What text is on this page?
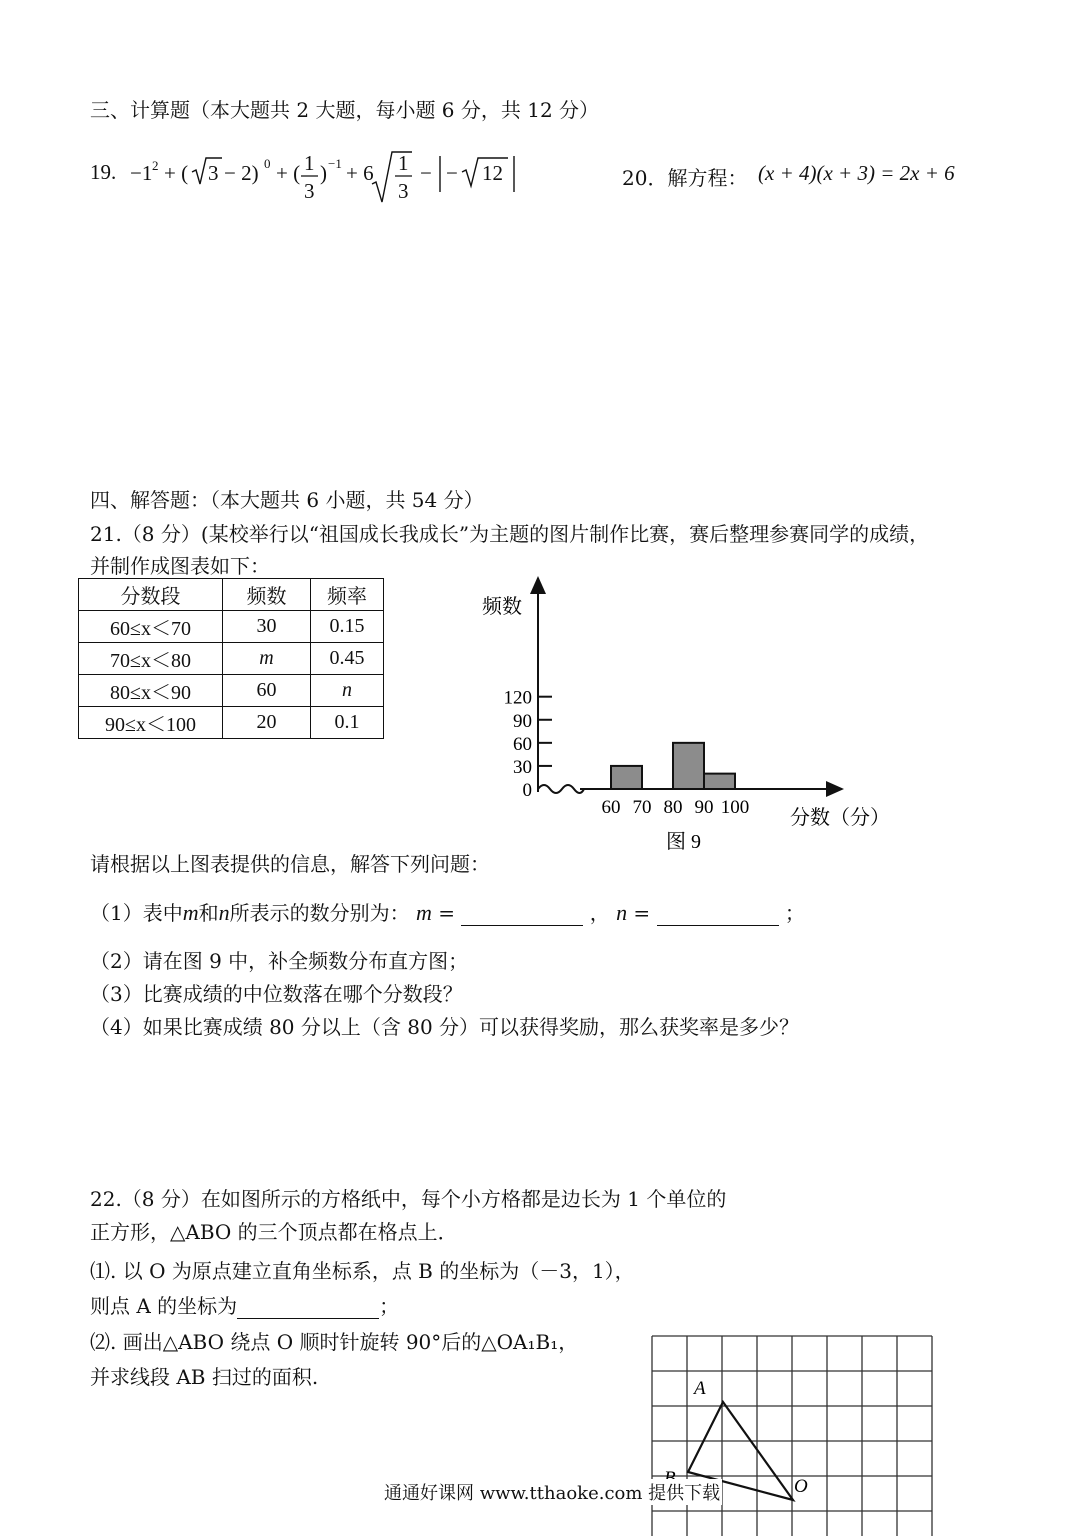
三、计算题（本大题共 2 大题，每小题 6 分，共 12 分）
19. −1 2 + ( 3 − 2) 0 + ( 1
3
) −1 + 6 1
3
− − 12	20．解方程： (x + 4)(x + 3) = 2x + 6
四、解答题：（本大题共 6 小题，共 54 分）
21.（8 分）(某校举行以“祖国成长我成长”为主题的图片制作比赛，赛后整理参赛同学的成绩，
并制作成图表如下：
分数段	频数	频率
60≤x＜70	30	0.15
70≤x＜80	m	0.45
80≤x＜90	60	n
90≤x＜100	20	0.1
频数
分数（分）
图 9
0
30
60
90
120
60 70 80 90 100
请根据以上图表提供的信息，解答下列问题：
（1）表中m和n所表示的数分别为： m =	， n =	；
（2）请在图 9 中，补全频数分布直方图；
（3）比赛成绩的中位数落在哪个分数段？
（4）如果比赛成绩 80 分以上（含 80 分）可以获得奖励，那么获奖率是多少？
22.（8 分）在如图所示的方格纸中，每个小方格都是边长为 1 个单位的
正方形，△ABO 的三个顶点都在格点上．
⑴. 以 O 为原点建立直角坐标系，点 B 的坐标为（－3，1），
则点 A 的坐标为	；
⑵. 画出△ABO 绕点 O 顺时针旋转 90°后的△OA₁B₁，
并求线段 AB 扫过的面积.	A
O
通通好课网 www.tthaoke.com 提供下载
